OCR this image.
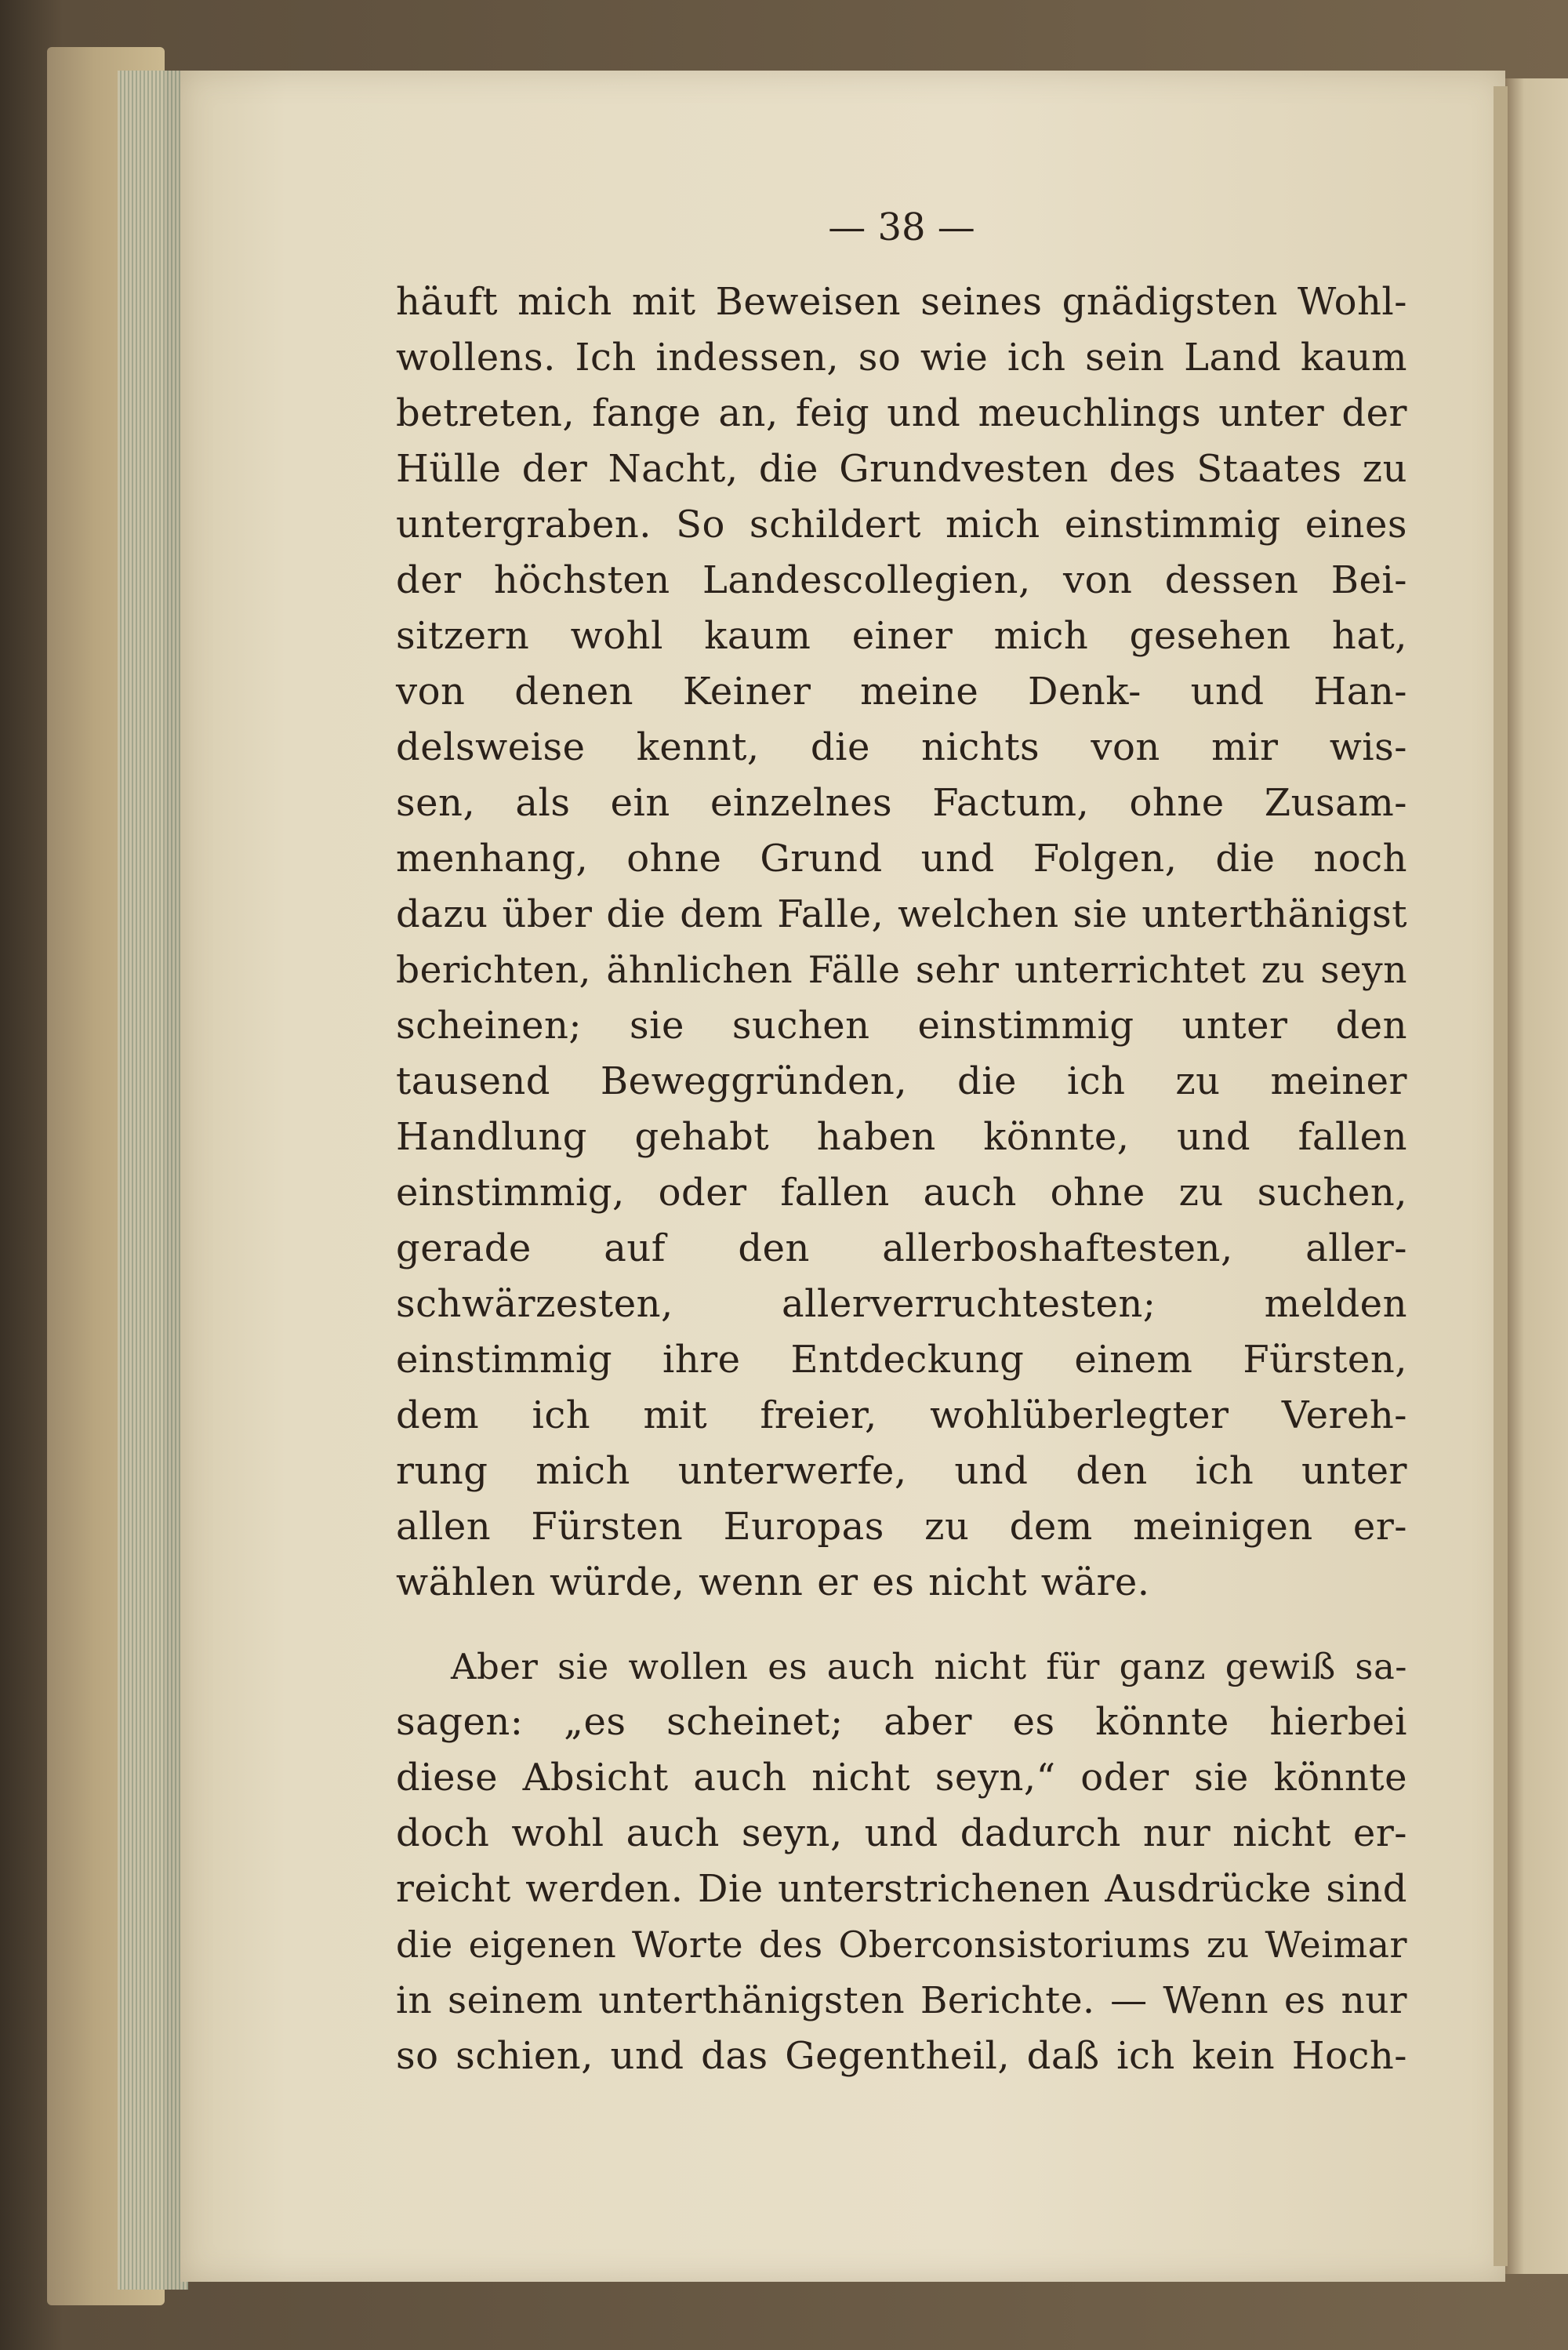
— 38 —
häuft mich mit Beweisen seines gnädigsten Wohl-
wollens. Ich indessen, so wie ich sein Land kaum
betreten, fange an, feig und meuchlings unter der
Hülle der Nacht, die Grundvesten des Staates zu
untergraben. So schildert mich einstimmig eines
der höchsten Landescollegien, von dessen Bei-
sitzern wohl kaum einer mich gesehen hat,
von denen Keiner meine Denk- und Han-
delsweise kennt, die nichts von mir wis-
sen, als ein einzelnes Factum, ohne Zusam-
menhang, ohne Grund und Folgen, die noch
dazu über die dem Falle, welchen sie unterthänigst
berichten, ähnlichen Fälle sehr unterrichtet zu seyn
scheinen; sie suchen einstimmig unter den
tausend Beweggründen, die ich zu meiner
Handlung gehabt haben könnte, und fallen
einstimmig, oder fallen auch ohne zu suchen,
gerade auf den allerboshaftesten, aller-
schwärzesten, allerverruchtesten; melden
einstimmig ihre Entdeckung einem Fürsten,
dem ich mit freier, wohlüberlegter Vereh-
rung mich unterwerfe, und den ich unter
allen Fürsten Europas zu dem meinigen er-
wählen würde, wenn er es nicht wäre.
Aber sie wollen es auch nicht für ganz gewiß sa-
sagen: „es scheinet; aber es könnte hierbei
diese Absicht auch nicht seyn,“ oder sie könnte
doch wohl auch seyn, und dadurch nur nicht er-
reicht werden. Die unterstrichenen Ausdrücke sind
die eigenen Worte des Oberconsistoriums zu Weimar
in seinem unterthänigsten Berichte. — Wenn es nur
so schien, und das Gegentheil, daß ich kein Hoch-
